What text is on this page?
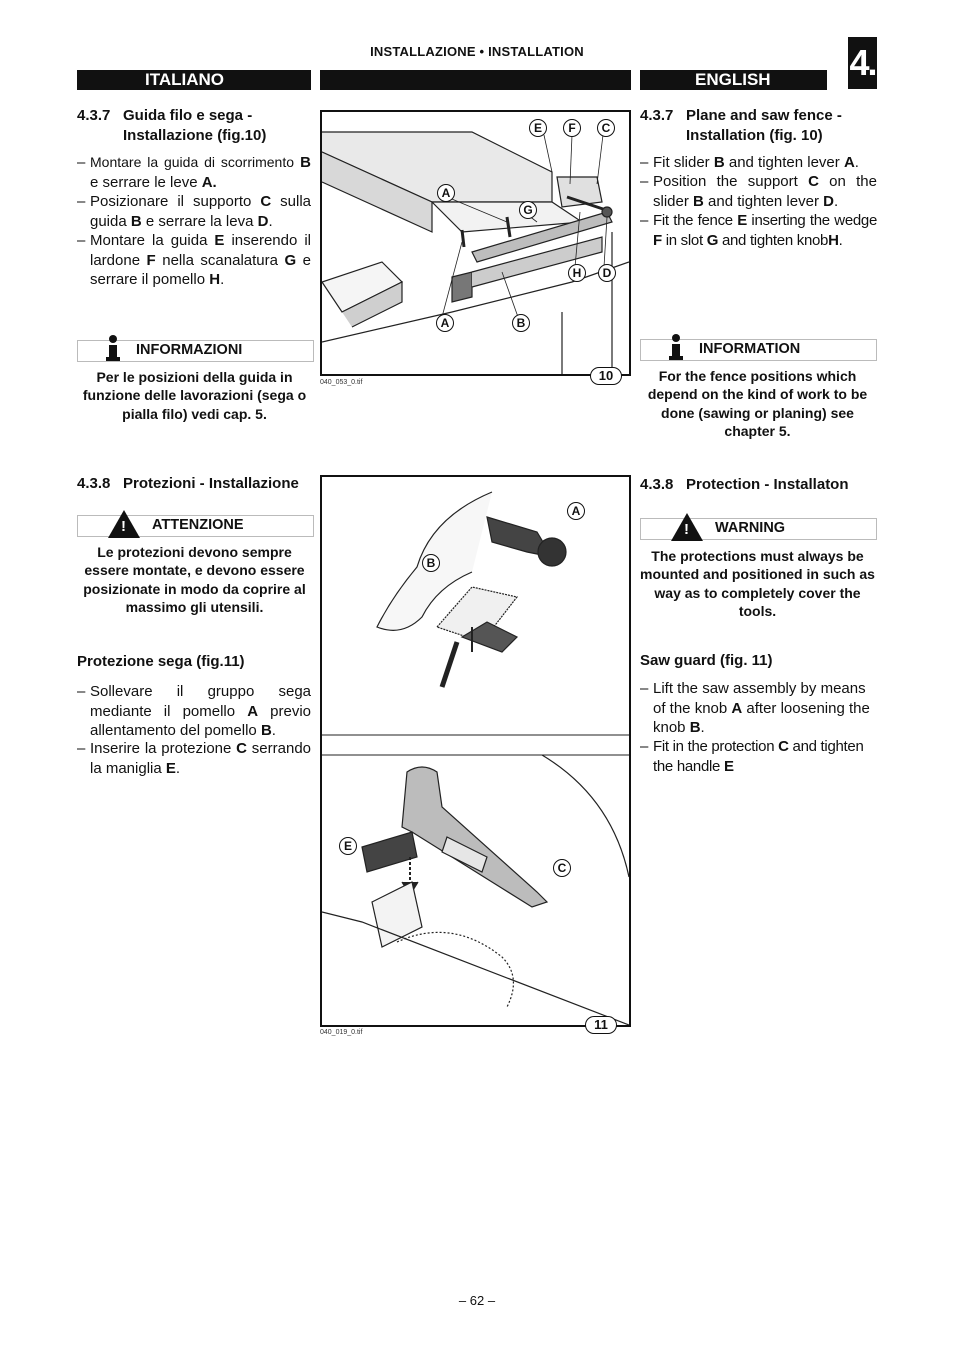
INSTALLAZIONE • INSTALLATION	4.
ITALIANO	ENGLISH
4.3.7 Guida filo e sega -
Installazione (fig.10)
– Montare la guida di scorrimento B e serrare le leve A.
– Posizionare il supporto C sulla guida B e serrare la leva D.
– Montare la guida E inserendo il lardone F nella scanalatura G e serrare il pomello H.
INFORMAZIONI
Per le posizioni della guida in funzione delle lavorazioni (sega o pialla filo) vedi cap. 5.
4.3.8 Protezioni - Installazione
!
ATTENZIONE
Le protezioni devono sempre essere montate, e devono essere posizionate in modo da coprire al massimo gli utensili.
Protezione sega (fig.11)
– Sollevare il gruppo sega mediante il pomello A previo allentamento del pomello B.
– Inserire la protezione C serrando la maniglia E.
4.3.7 Plane and saw fence -
Installation (fig. 10)
– Fit slider B and tighten lever A.
– Position the support C on the slider B and tighten lever D.
– Fit the fence E inserting the wedge F in slot G and tighten knobH.
INFORMATION
For the fence positions which depend on the kind of work to be done (sawing or planing) see chapter 5.
4.3.8 Protection - Installaton
!
WARNING
The protections must always be mounted and positioned in such as way as to completely cover the tools.
Saw guard (fig. 11)
– Lift the saw assembly by means of the knob A after loosening the knob B.
– Fit in the protection C and tighten the handle E
E	F	C
A
G
H	D
A	B
10
040_053_0.tif
A
B
E
C
11
040_019_0.tif
– 62 –
